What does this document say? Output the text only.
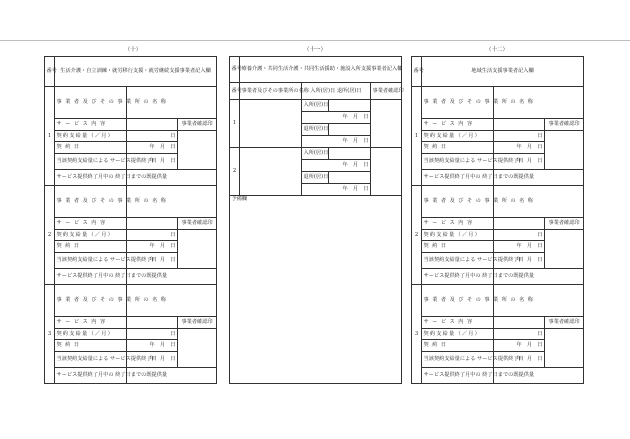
（十）
番号	生活介護・自立訓練・就労移行支援・就労継続支援事業者記入欄		
1	事業者及びその事業所の名称		
	サービス内容		事業者確認印
	契約支給量（／月）	日	
	契約日	年　月　日	
	当該契約支給量による サービス提供終了日	年　月　日	
	サービス提供終了月中の 終了日までの既提供量		
2	事業者及びその事業所の名称		
	サービス内容		事業者確認印
	契約支給量（／月）	日	
	契約日	年　月　日	
	当該契約支給量による サービス提供終了日	年　月　日	
	サービス提供終了月中の 終了日までの既提供量		
3	事業者及びその事業所の名称		
	サービス内容		事業者確認印
	契約支給量（／月）	日	
	契約日	年　月　日	
	当該契約支給量による サービス提供終了日	年　月　日	
	サービス提供終了月中の 終了日までの既提供量		
（十一）
番号	療養介護・共同生活介護・共同生活援助・施設入所支援事業者記入欄			
番号	事業者及びその事業所の名称	入所(居)日 退所(居)日		事業者確認印
1		入所(居)日		
		年　月　日		
		退所(居)日		
		年　月　日		
2		入所(居)日		
		年　月　日		
		退所(居)日		
		年　月　日		
予備欄				
（十二）
番号	地域生活支援事業者記入欄		
1	事業者及びその事業所の名称		
	サービス内容		事業者確認印
	契約支給量（／月）	日	
	契約日	年　月　日	
	当該契約支給量による サービス提供終了日	年　月　日	
	サービス提供終了月中の 終了日までの既提供量		
2	事業者及びその事業所の名称		
	サービス内容		事業者確認印
	契約支給量（／月）	日	
	契約日	年　月　日	
	当該契約支給量による サービス提供終了日	年　月　日	
	サービス提供終了月中の 終了日までの既提供量		
3	事業者及びその事業所の名称		
	サービス内容		事業者確認印
	契約支給量（／月）	日	
	契約日	年　月　日	
	当該契約支給量による サービス提供終了日	年　月　日	
	サービス提供終了月中の 終了日までの既提供量		
